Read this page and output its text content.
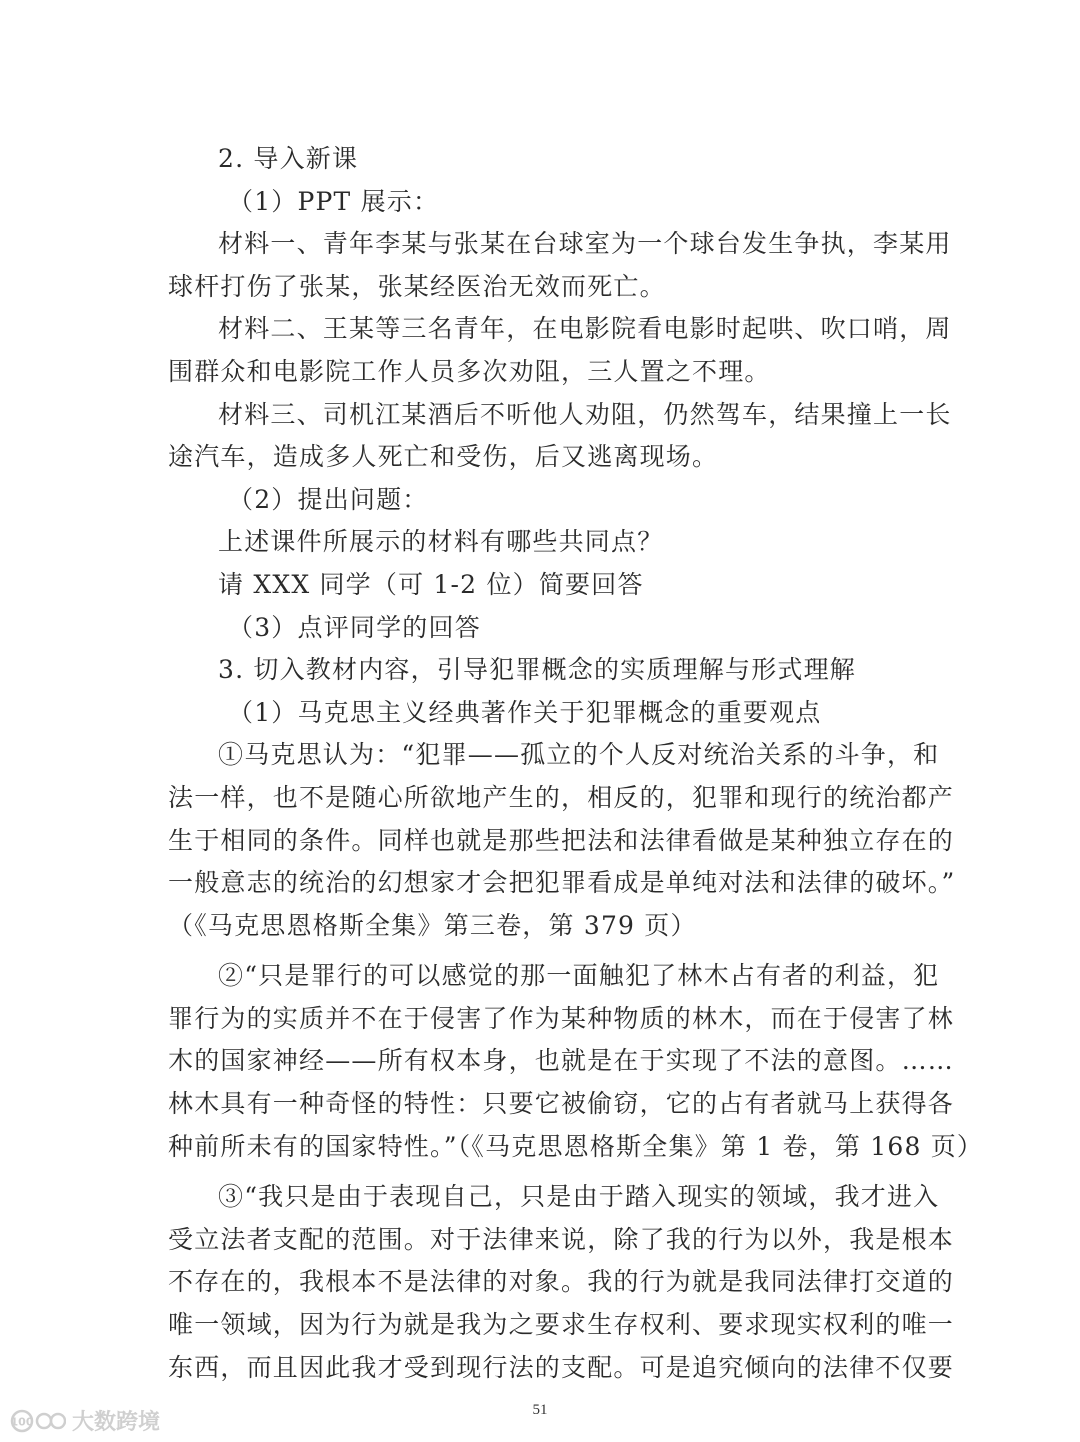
2. 导入新课
（1）PPT 展示：
材料一、青年李某与张某在台球室为一个球台发生争执，李某用
球杆打伤了张某，张某经医治无效而死亡。
材料二、王某等三名青年，在电影院看电影时起哄、吹口哨，周
围群众和电影院工作人员多次劝阻，三人置之不理。
材料三、司机江某酒后不听他人劝阻，仍然驾车，结果撞上一长
途汽车，造成多人死亡和受伤，后又逃离现场。
（2）提出问题：
上述课件所展示的材料有哪些共同点？
请 XXX 同学（可 1-2 位）简要回答
（3）点评同学的回答
3. 切入教材内容，引导犯罪概念的实质理解与形式理解
（1）马克思主义经典著作关于犯罪概念的重要观点
①马克思认为：“犯罪——孤立的个人反对统治关系的斗争，和
法一样，也不是随心所欲地产生的，相反的，犯罪和现行的统治都产
生于相同的条件。同样也就是那些把法和法律看做是某种独立存在的
一般意志的统治的幻想家才会把犯罪看成是单纯对法和法律的破坏。”
（《马克思恩格斯全集》第三卷，第 379 页）
②“只是罪行的可以感觉的那一面触犯了林木占有者的利益，犯
罪行为的实质并不在于侵害了作为某种物质的林木，而在于侵害了林
木的国家神经——所有权本身，也就是在于实现了不法的意图。……
林木具有一种奇怪的特性：只要它被偷窃，它的占有者就马上获得各
种前所未有的国家特性。”（《马克思恩格斯全集》第 1 卷，第 168 页）
③“我只是由于表现自己，只是由于踏入现实的领域，我才进入
受立法者支配的范围。对于法律来说，除了我的行为以外，我是根本
不存在的，我根本不是法律的对象。我的行为就是我同法律打交道的
唯一领域，因为行为就是我为之要求生存权利、要求现实权利的唯一
东西，而且因此我才受到现行法的支配。可是追究倾向的法律不仅要
51
100 大数跨境
